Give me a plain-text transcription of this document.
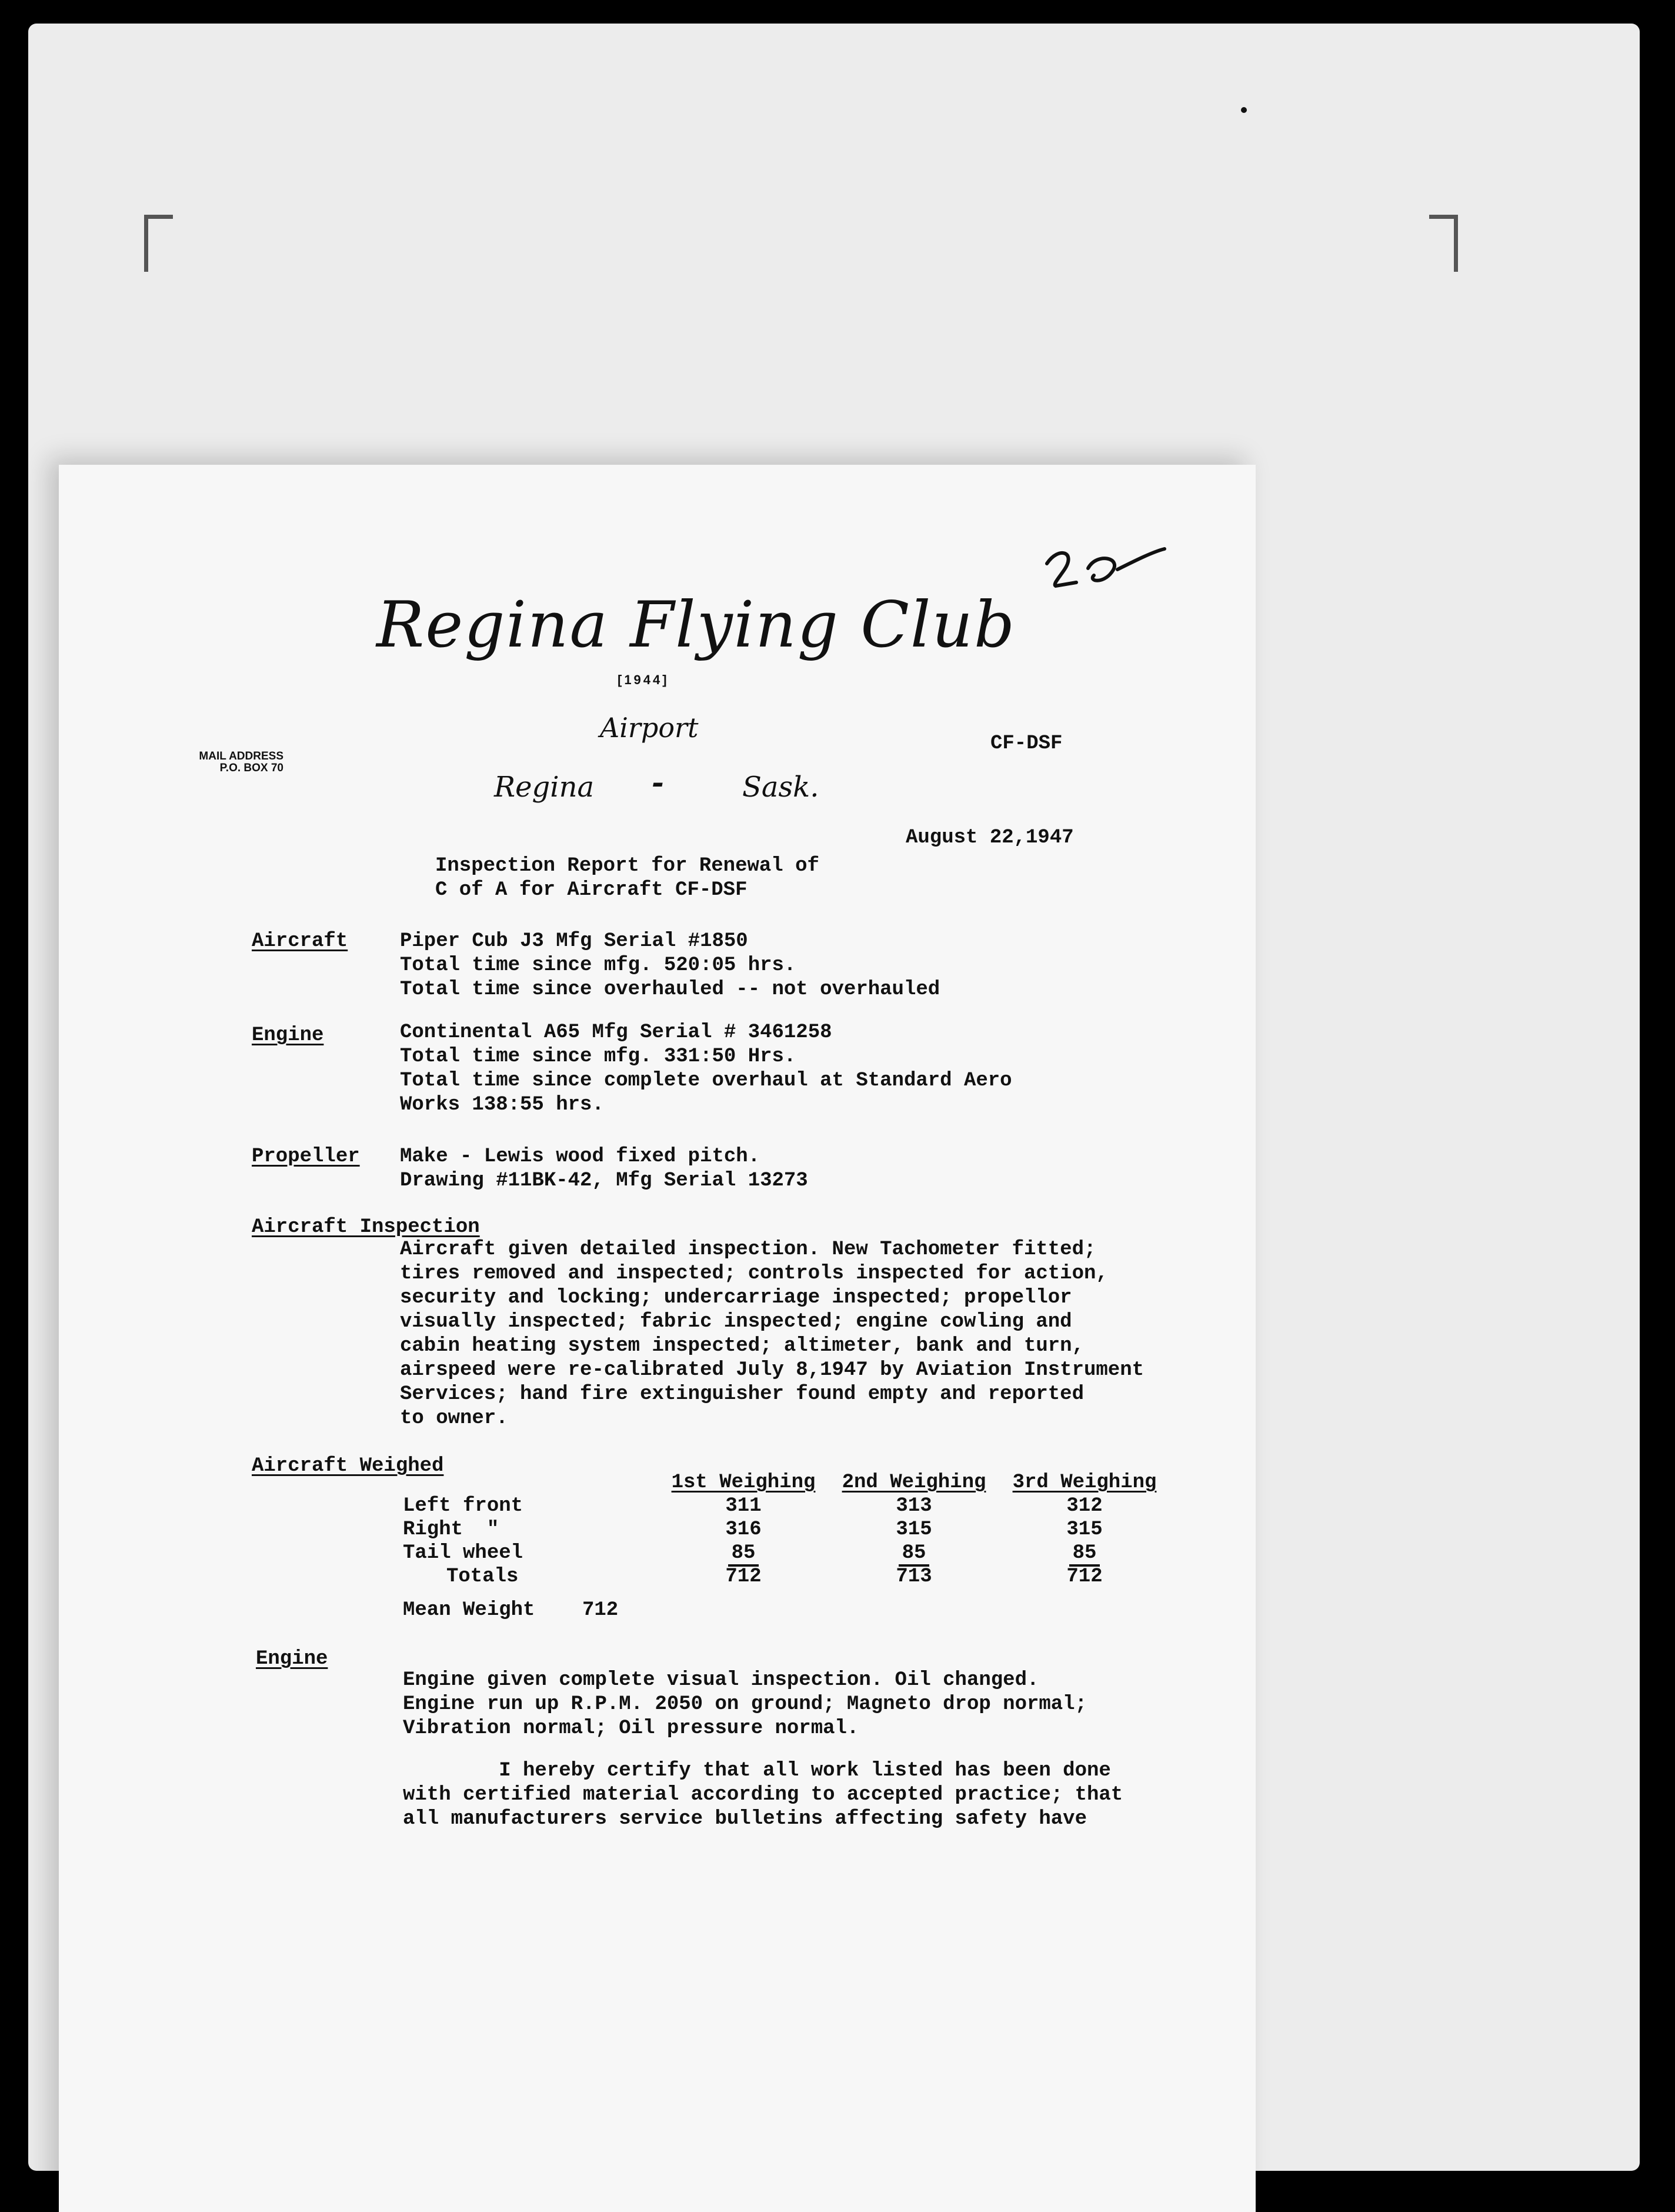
Regina Flying Club
[1944]
Airport
Regina -	Sask.
MAIL ADDRESS
P.O. BOX 70
25
CF-DSF
August 22,1947
Inspection Report for Renewal of
C of A for Aircraft CF-DSF
Aircraft	Piper Cub J3 Mfg Serial #1850
Total time since mfg. 520:05 hrs.
Total time since overhauled -- not overhauled
Engine	Continental A65 Mfg Serial # 3461258
Total time since mfg. 331:50 Hrs.
Total time since complete overhaul at Standard Aero
Works 138:55 hrs.
Propeller Make - Lewis wood fixed pitch.
Drawing #11BK-42, Mfg Serial 13273
Aircraft Inspection
Aircraft given detailed inspection. New Tachometer fitted;
tires removed and inspected; controls inspected for action,
security and locking; undercarriage inspected; propellor
visually inspected; fabric inspected; engine cowling and
cabin heating system inspected; altimeter, bank and turn,
airspeed were re-calibrated July 8,1947 by Aviation Instrument
Services; hand fire extinguisher found empty and reported
to owner.
Aircraft Weighed
	1st Weighing	2nd Weighing	3rd Weighing
Left front	311	313	312
Right  "	316	315	315
Tail wheel	85	85	85
Totals	712	713	712
Mean Weight 712
Engine
Engine given complete visual inspection. Oil changed.
Engine run up R.P.M. 2050 on ground; Magneto drop normal;
Vibration normal; Oil pressure normal.
I hereby certify that all work listed has been done
with certified material according to accepted practice; that
all manufacturers service bulletins affecting safety have
